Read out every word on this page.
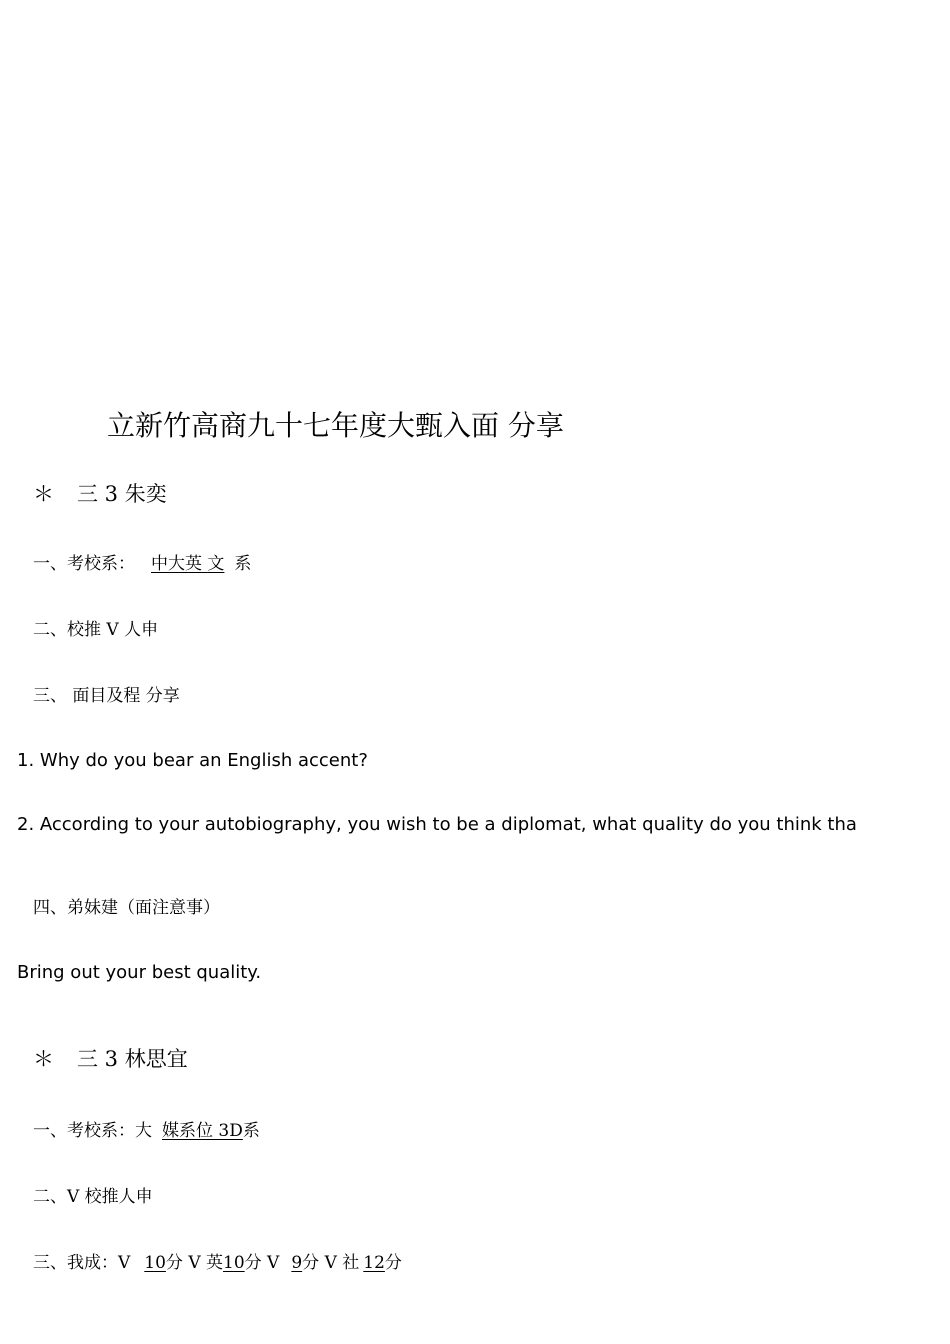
立新竹高商九十七年度大甄入面 分享
＊ 三 3 朱奕
一、考校系： 中大英 文 系
二、校推 V 人申
三、 面目及程 分享
1. Why do you bear an English accent?
2. According to your autobiography, you wish to be a diplomat, what quality do you think tha
四、弟妹建（面注意事）
Bring out your best quality.
＊ 三 3 林思宜
一、考校系：大 媒系位 3D系
二、V 校推人申
三、我成：V 10分 V 英10分 V 9分 V 社 12分
